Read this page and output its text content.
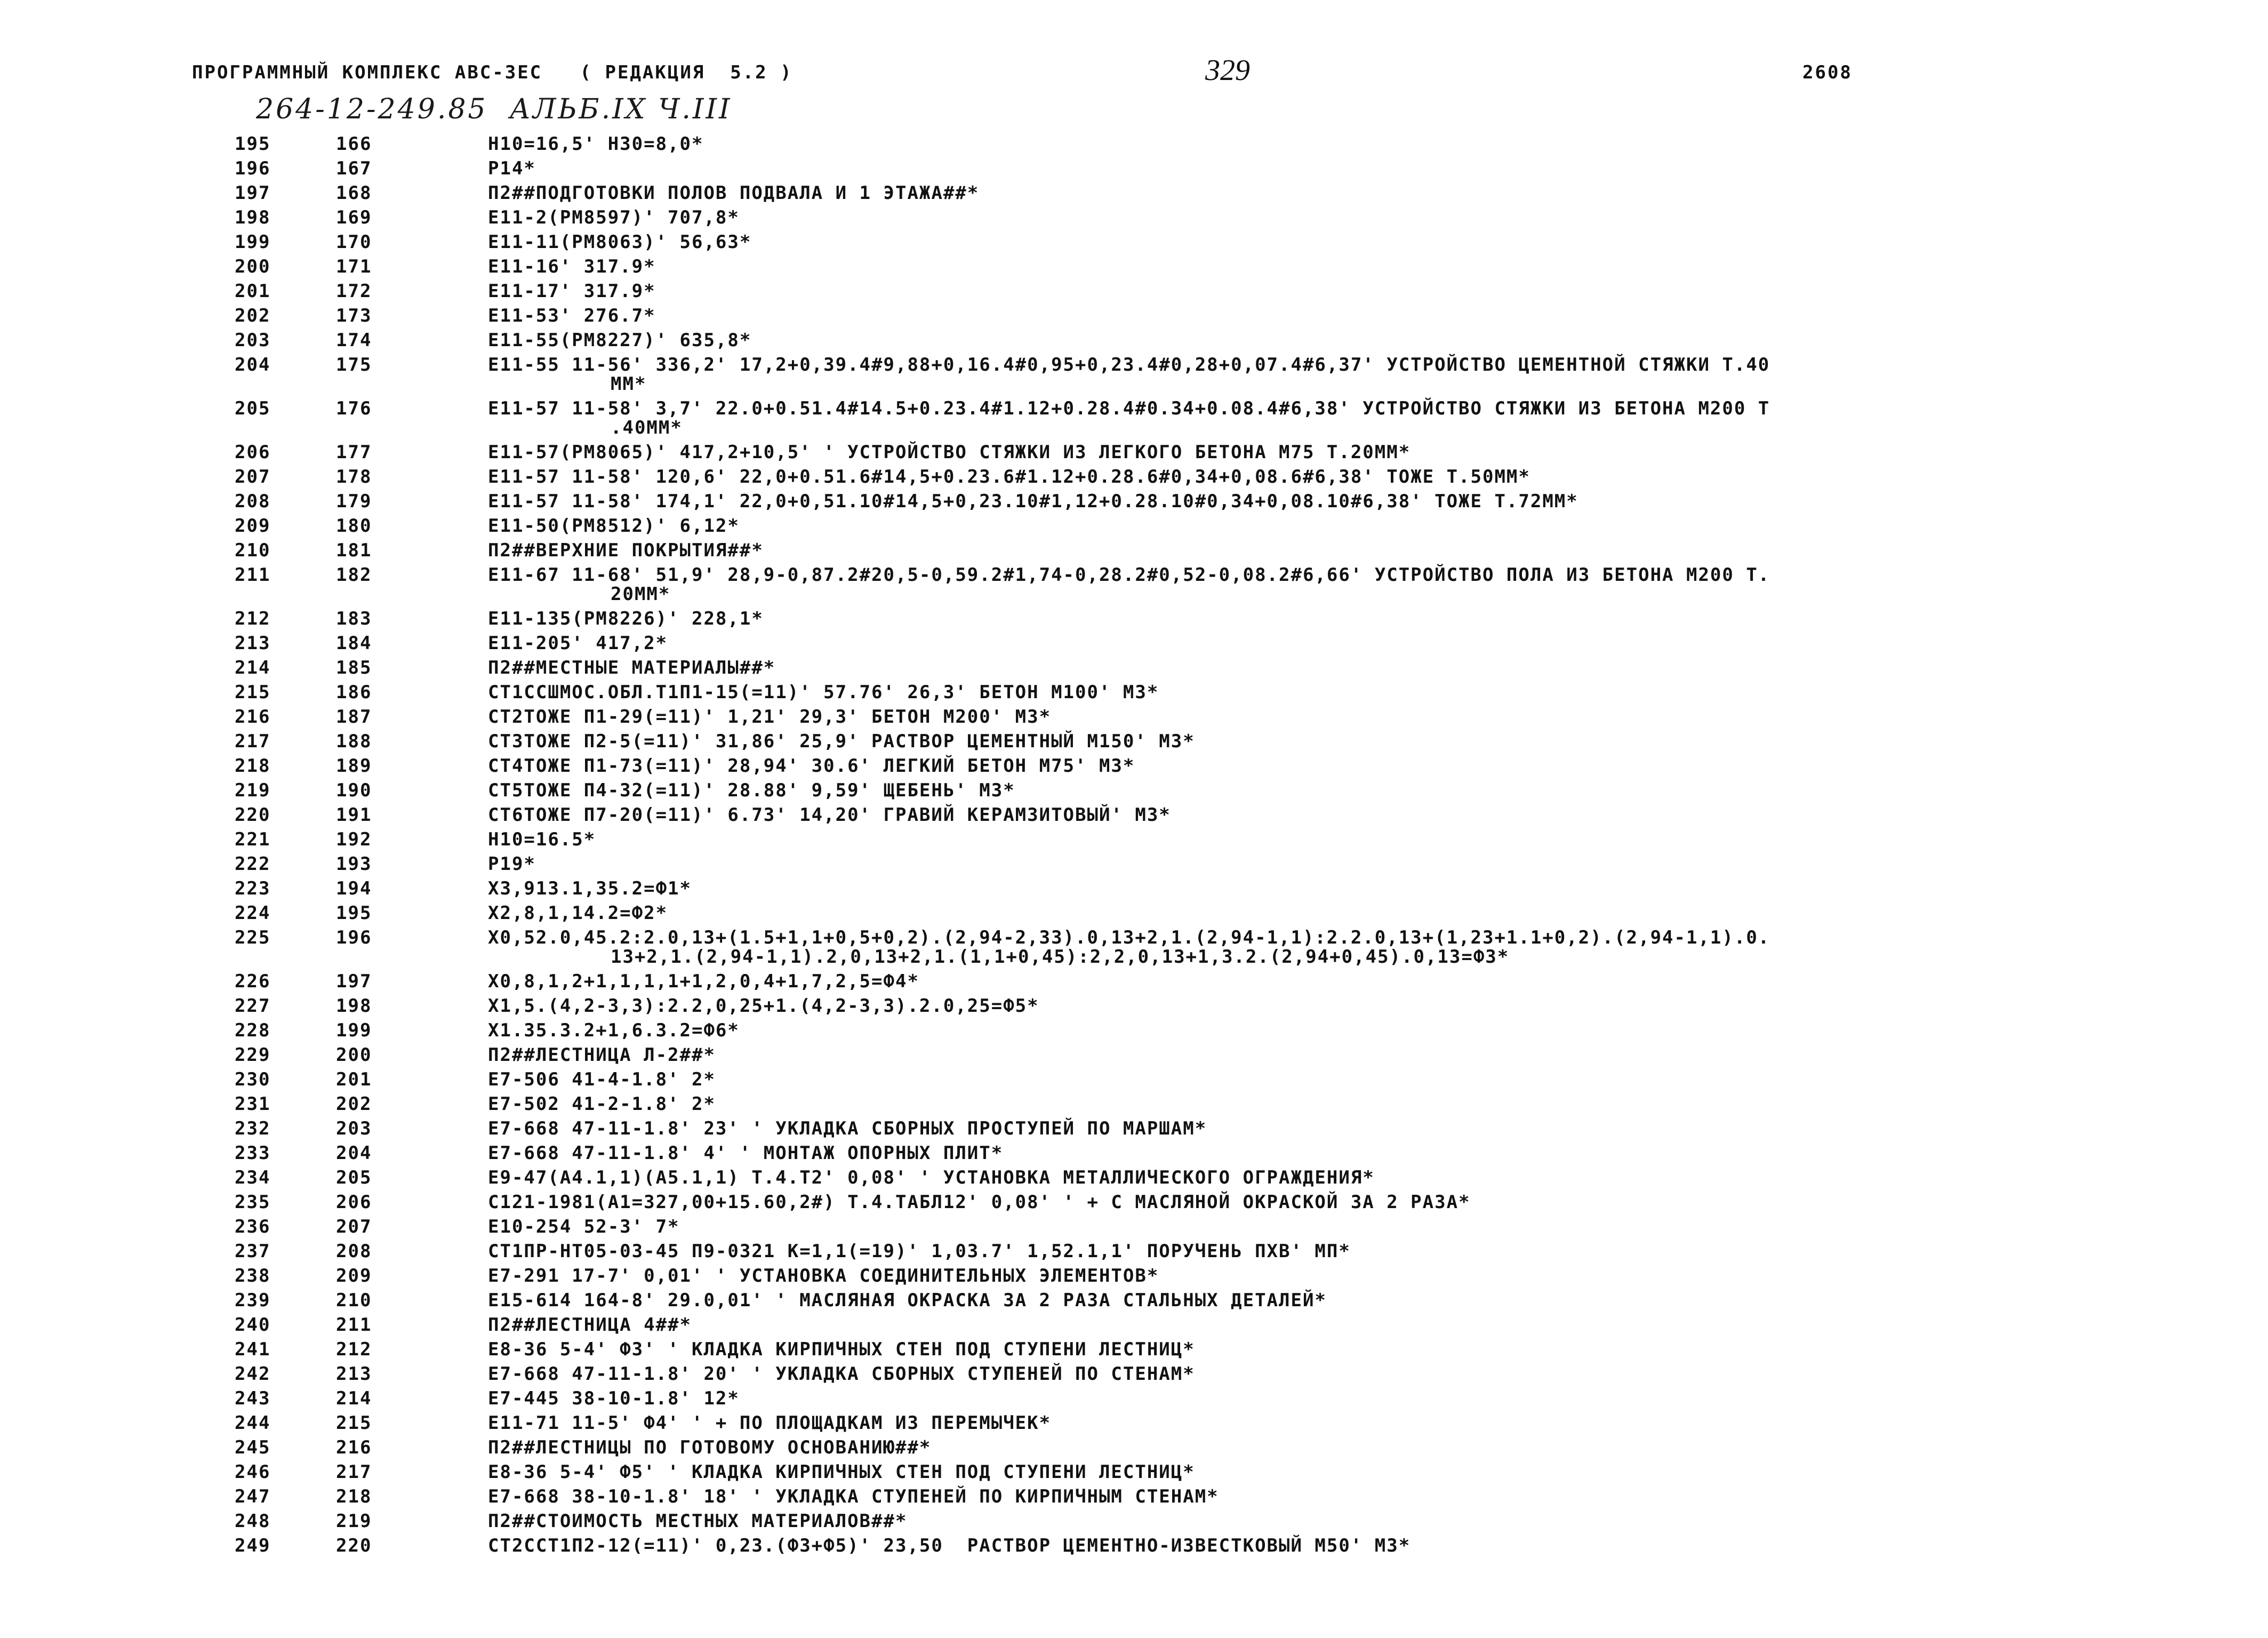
ПРОГРАММНЫЙ КОМПЛЕКС АВС-3ЕС   ( РЕДАКЦИЯ  5.2 )	329	2608
264-12-249.85  АЛЬБ.IX Ч.III
195	166	Н10=16,5' Н30=8,0*
196	167	Р14*
197	168	П2##ПОДГОТОВКИ ПОЛОВ ПОДВАЛА И 1 ЭТАЖА##*
198	169	Е11-2(РМ8597)' 707,8*
199	170	Е11-11(РМ8063)' 56,63*
200	171	Е11-16' 317.9*
201	172	Е11-17' 317.9*
202	173	Е11-53' 276.7*
203	174	Е11-55(РМ8227)' 635,8*
204	175	Е11-55 11-56' 336,2' 17,2+0,39.4#9,88+0,16.4#0,95+0,23.4#0,28+0,07.4#6,37' УСТРОЙСТВО ЦЕМЕНТНОЙ СТЯЖКИ Т.40
ММ*
205	176	Е11-57 11-58' 3,7' 22.0+0.51.4#14.5+0.23.4#1.12+0.28.4#0.34+0.08.4#6,38' УСТРОЙСТВО СТЯЖКИ ИЗ БЕТОНА М200 Т
.40ММ*
206	177	Е11-57(РМ8065)' 417,2+10,5' ' УСТРОЙСТВО СТЯЖКИ ИЗ ЛЕГКОГО БЕТОНА М75 Т.20ММ*
207	178	Е11-57 11-58' 120,6' 22,0+0.51.6#14,5+0.23.6#1.12+0.28.6#0,34+0,08.6#6,38' ТОЖЕ Т.50ММ*
208	179	Е11-57 11-58' 174,1' 22,0+0,51.10#14,5+0,23.10#1,12+0.28.10#0,34+0,08.10#6,38' ТОЖЕ Т.72ММ*
209	180	Е11-50(РМ8512)' 6,12*
210	181	П2##ВЕРХНИЕ ПОКРЫТИЯ##*
211	182	Е11-67 11-68' 51,9' 28,9-0,87.2#20,5-0,59.2#1,74-0,28.2#0,52-0,08.2#6,66' УСТРОЙСТВО ПОЛА ИЗ БЕТОНА М200 Т.
20ММ*
212	183	Е11-135(РМ8226)' 228,1*
213	184	Е11-205' 417,2*
214	185	П2##МЕСТНЫЕ МАТЕРИАЛЫ##*
215	186	СТ1ССШМОС.ОБЛ.Т1П1-15(=11)' 57.76' 26,3' БЕТОН М100' М3*
216	187	СТ2ТОЖЕ П1-29(=11)' 1,21' 29,3' БЕТОН М200' М3*
217	188	СТ3ТОЖЕ П2-5(=11)' 31,86' 25,9' РАСТВОР ЦЕМЕНТНЫЙ М150' М3*
218	189	СТ4ТОЖЕ П1-73(=11)' 28,94' 30.6' ЛЕГКИЙ БЕТОН М75' М3*
219	190	СТ5ТОЖЕ П4-32(=11)' 28.88' 9,59' ЩЕБЕНЬ' М3*
220	191	СТ6ТОЖЕ П7-20(=11)' 6.73' 14,20' ГРАВИЙ КЕРАМЗИТОВЫЙ' М3*
221	192	Н10=16.5*
222	193	Р19*
223	194	Х3,913.1,35.2=Ф1*
224	195	Х2,8,1,14.2=Ф2*
225	196	Х0,52.0,45.2:2.0,13+(1.5+1,1+0,5+0,2).(2,94-2,33).0,13+2,1.(2,94-1,1):2.2.0,13+(1,23+1.1+0,2).(2,94-1,1).0.
13+2,1.(2,94-1,1).2,0,13+2,1.(1,1+0,45):2,2,0,13+1,3.2.(2,94+0,45).0,13=Ф3*
226	197	Х0,8,1,2+1,1,1,1+1,2,0,4+1,7,2,5=Ф4*
227	198	Х1,5.(4,2-3,3):2.2,0,25+1.(4,2-3,3).2.0,25=Ф5*
228	199	Х1.35.3.2+1,6.3.2=Ф6*
229	200	П2##ЛЕСТНИЦА Л-2##*
230	201	Е7-506 41-4-1.8' 2*
231	202	Е7-502 41-2-1.8' 2*
232	203	Е7-668 47-11-1.8' 23' ' УКЛАДКА СБОРНЫХ ПРОСТУПЕЙ ПО МАРШАМ*
233	204	Е7-668 47-11-1.8' 4' ' МОНТАЖ ОПОРНЫХ ПЛИТ*
234	205	Е9-47(А4.1,1)(А5.1,1) Т.4.Т2' 0,08' ' УСТАНОВКА МЕТАЛЛИЧЕСКОГО ОГРАЖДЕНИЯ*
235	206	С121-1981(А1=327,00+15.60,2#) Т.4.ТАБЛ12' 0,08' ' + С МАСЛЯНОЙ ОКРАСКОЙ ЗА 2 РАЗА*
236	207	Е10-254 52-3' 7*
237	208	СТ1ПР-НТ05-03-45 П9-0321 К=1,1(=19)' 1,03.7' 1,52.1,1' ПОРУЧЕНЬ ПХВ' МП*
238	209	Е7-291 17-7' 0,01' ' УСТАНОВКА СОЕДИНИТЕЛЬНЫХ ЭЛЕМЕНТОВ*
239	210	Е15-614 164-8' 29.0,01' ' МАСЛЯНАЯ ОКРАСКА ЗА 2 РАЗА СТАЛЬНЫХ ДЕТАЛЕЙ*
240	211	П2##ЛЕСТНИЦА 4##*
241	212	Е8-36 5-4' Ф3' ' КЛАДКА КИРПИЧНЫХ СТЕН ПОД СТУПЕНИ ЛЕСТНИЦ*
242	213	Е7-668 47-11-1.8' 20' ' УКЛАДКА СБОРНЫХ СТУПЕНЕЙ ПО СТЕНАМ*
243	214	Е7-445 38-10-1.8' 12*
244	215	Е11-71 11-5' Ф4' ' + ПО ПЛОЩАДКАМ ИЗ ПЕРЕМЫЧЕК*
245	216	П2##ЛЕСТНИЦЫ ПО ГОТОВОМУ ОСНОВАНИЮ##*
246	217	Е8-36 5-4' Ф5' ' КЛАДКА КИРПИЧНЫХ СТЕН ПОД СТУПЕНИ ЛЕСТНИЦ*
247	218	Е7-668 38-10-1.8' 18' ' УКЛАДКА СТУПЕНЕЙ ПО КИРПИЧНЫМ СТЕНАМ*
248	219	П2##СТОИМОСТЬ МЕСТНЫХ МАТЕРИАЛОВ##*
249	220	СТ2ССТ1П2-12(=11)' 0,23.(Ф3+Ф5)' 23,50  РАСТВОР ЦЕМЕНТНО-ИЗВЕСТКОВЫЙ М50' М3*
